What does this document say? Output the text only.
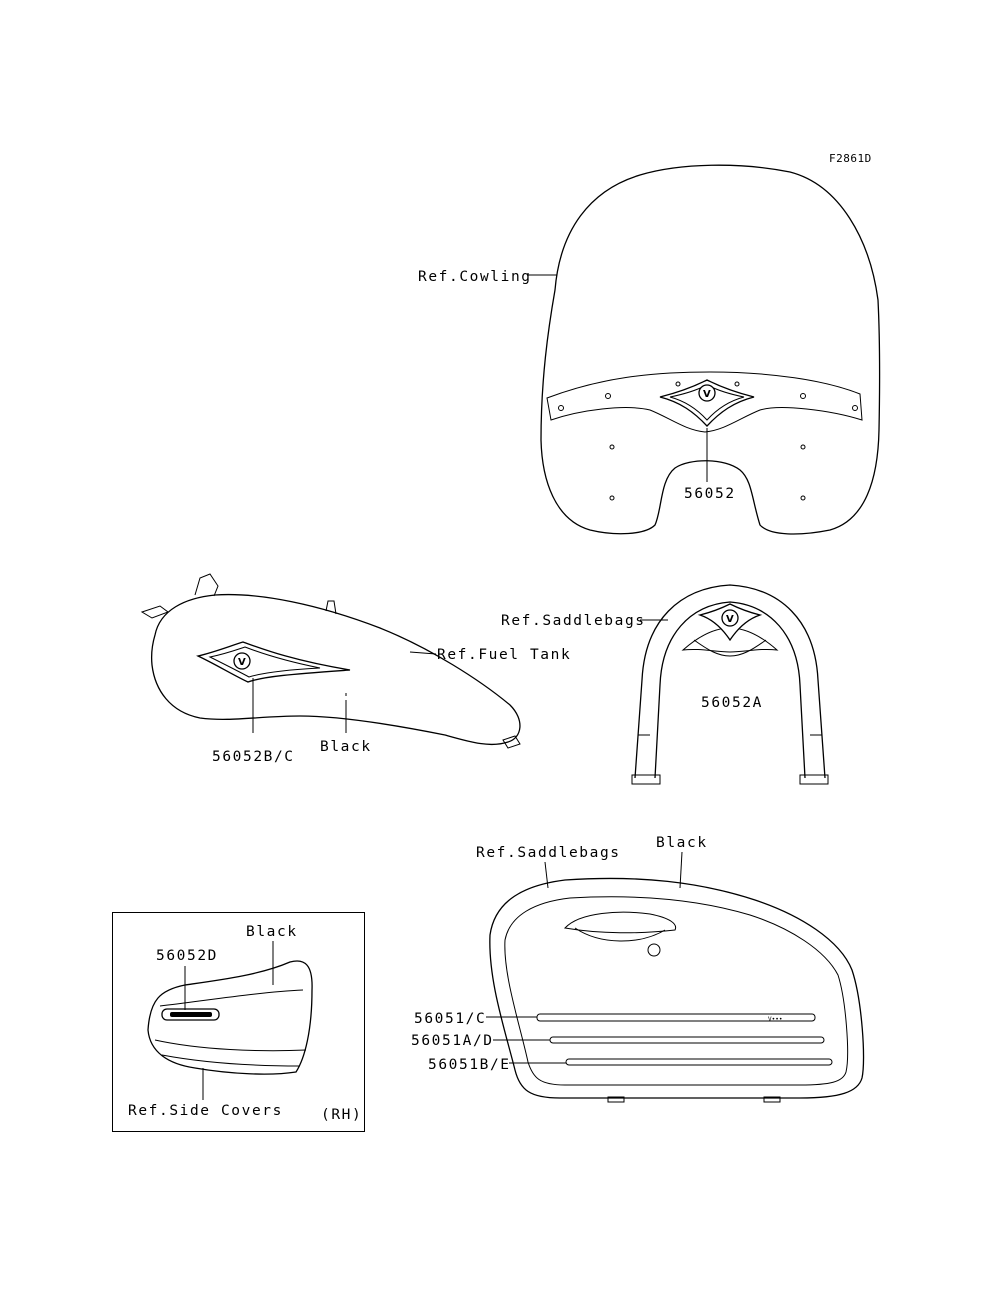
F2861D
V
Ref.Cowling
56052
V	Ref.Fuel Tank
56052B/C
Black
V
Ref.Saddlebags
56052A
Black
56052D
Ref.Side Covers	(RH)
V•••
Ref.Saddlebags
Black
56051/C
56051A/D
56051B/E
